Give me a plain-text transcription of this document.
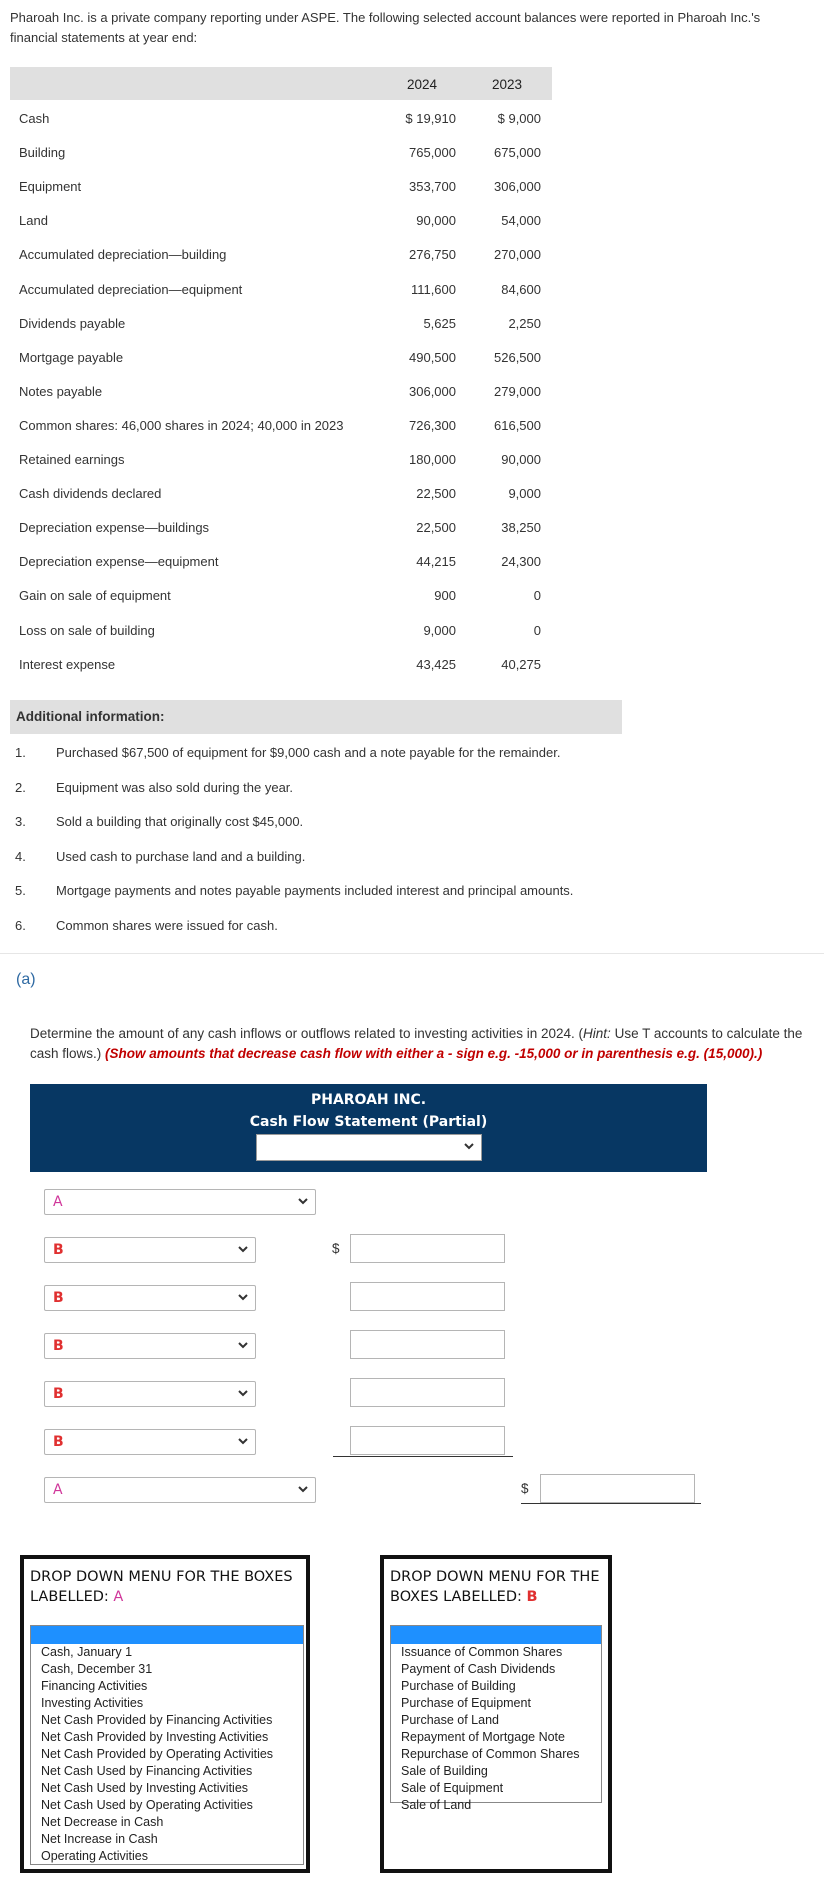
Pharoah Inc. is a private company reporting under ASPE. The following selected account balances were reported in Pharoah Inc.'s financial statements at year end:
2024	2023
Cash	$ 19,910	$ 9,000
Building	765,000	675,000
Equipment	353,700	306,000
Land	90,000	54,000
Accumulated depreciation—building	276,750	270,000
Accumulated depreciation—equipment	111,600	84,600
Dividends payable	5,625	2,250
Mortgage payable	490,500	526,500
Notes payable	306,000	279,000
Common shares: 46,000 shares in 2024; 40,000 in 2023	726,300	616,500
Retained earnings	180,000	90,000
Cash dividends declared	22,500	9,000
Depreciation expense—buildings	22,500	38,250
Depreciation expense—equipment	44,215	24,300
Gain on sale of equipment	900	0
Loss on sale of building	9,000	0
Interest expense	43,425	40,275
Additional information:
1. Purchased $67,500 of equipment for $9,000 cash and a note payable for the remainder.
2. Equipment was also sold during the year.
3. Sold a building that originally cost $45,000.
4. Used cash to purchase land and a building.
5. Mortgage payments and notes payable payments included interest and principal amounts.
6. Common shares were issued for cash.
(a)
Determine the amount of any cash inflows or outflows related to investing activities in 2024. (Hint: Use T accounts to calculate the cash flows.) (Show amounts that decrease cash flow with either a - sign e.g. -15,000 or in parenthesis e.g. (15,000).)
PHAROAH INC.
Cash Flow Statement (Partial)
A
B	$
B
B
B
B
A	$
DROP DOWN MENU FOR THE BOXES LABELLED: A
Cash, January 1
Cash, December 31
Financing Activities
Investing Activities
Net Cash Provided by Financing Activities
Net Cash Provided by Investing Activities
Net Cash Provided by Operating Activities
Net Cash Used by Financing Activities
Net Cash Used by Investing Activities
Net Cash Used by Operating Activities
Net Decrease in Cash
Net Increase in Cash
Operating Activities
DROP DOWN MENU FOR THE BOXES LABELLED: B
Issuance of Common Shares
Payment of Cash Dividends
Purchase of Building
Purchase of Equipment
Purchase of Land
Repayment of Mortgage Note
Repurchase of Common Shares
Sale of Building
Sale of Equipment
Sale of Land
